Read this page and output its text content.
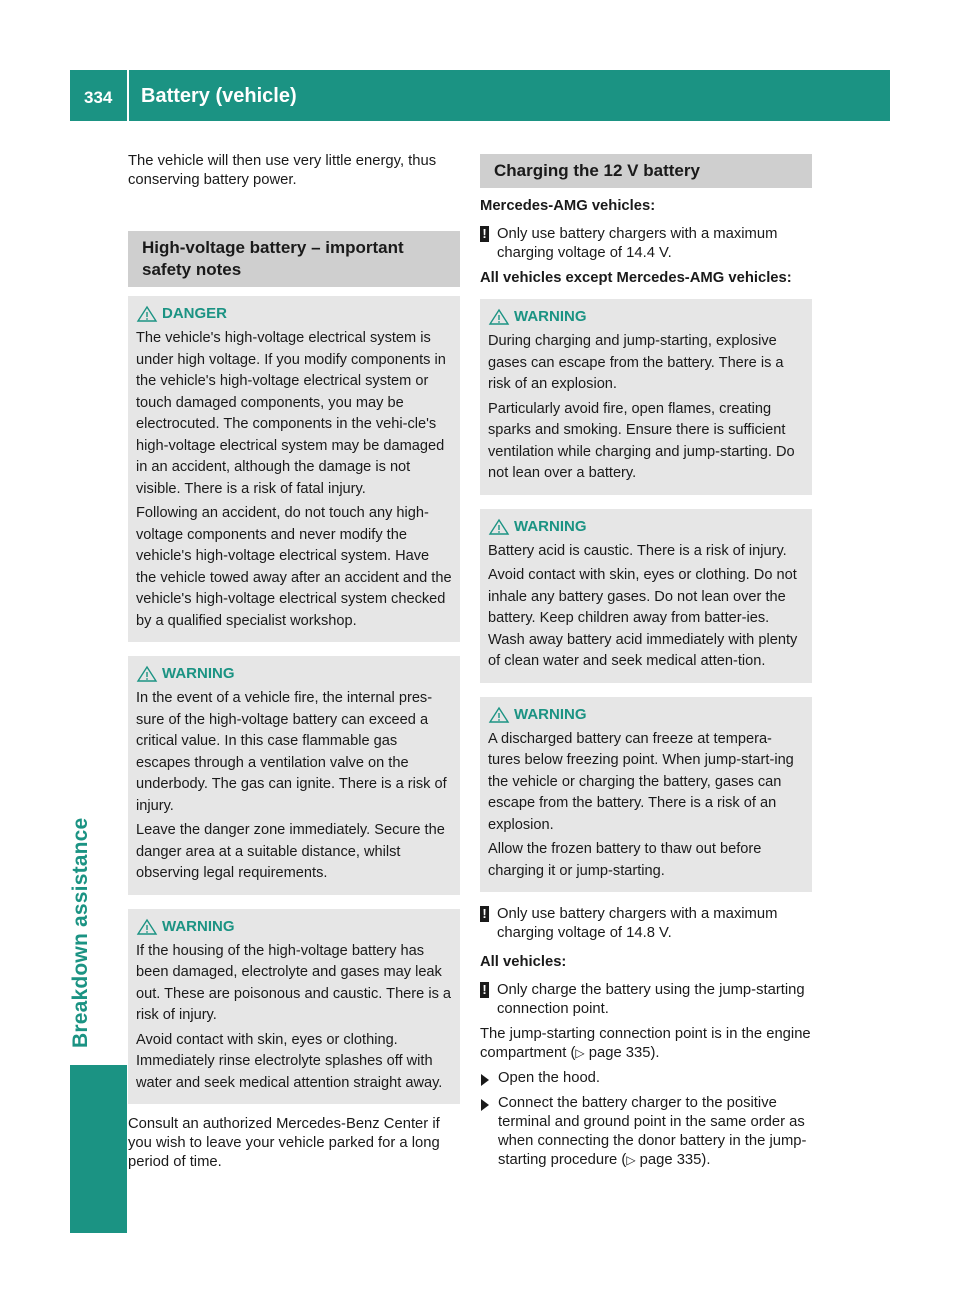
334 Battery (vehicle)
Breakdown assistance

The vehicle will then use very little energy, thus conserving battery power.

High-voltage battery – important safety notes
DANGER

The vehicle's high-voltage electrical system is under high voltage. If you modify components in the vehicle's high-voltage electrical system or touch damaged components, you may be electrocuted. The components in the vehi-cle's high-voltage electrical system may be damaged in an accident, although the damage is not visible. There is a risk of fatal injury.

Following an accident, do not touch any high-voltage components and never modify the vehicle's high-voltage electrical system. Have the vehicle towed away after an accident and the vehicle's high-voltage electrical system checked by a qualified specialist workshop.

WARNING

In the event of a vehicle fire, the internal pres-sure of the high-voltage battery can exceed a critical value. In this case flammable gas escapes through a ventilation valve on the underbody. The gas can ignite. There is a risk of injury.

Leave the danger zone immediately. Secure the danger area at a suitable distance, whilst observing legal requirements.

WARNING

If the housing of the high-voltage battery has been damaged, electrolyte and gases may leak out. These are poisonous and caustic. There is a risk of injury.

Avoid contact with skin, eyes or clothing. Immediately rinse electrolyte splashes off with water and seek medical attention straight away.

Consult an authorized Mercedes-Benz Center if you wish to leave your vehicle parked for a long period of time.

Charging the 12 V battery

Mercedes-AMG vehicles:

! Only use battery chargers with a maximum charging voltage of 14.4 V.

All vehicles except Mercedes-AMG vehicles:

WARNING

During charging and jump-starting, explosive gases can escape from the battery. There is a risk of an explosion.

Particularly avoid fire, open flames, creating sparks and smoking. Ensure there is sufficient ventilation while charging and jump-starting. Do not lean over a battery.

WARNING

Battery acid is caustic. There is a risk of injury.

Avoid contact with skin, eyes or clothing. Do not inhale any battery gases. Do not lean over the battery. Keep children away from batter-ies. Wash away battery acid immediately with plenty of clean water and seek medical atten-tion.

WARNING

A discharged battery can freeze at tempera-tures below freezing point. When jump-start-ing the vehicle or charging the battery, gases can escape from the battery. There is a risk of an explosion.

Allow the frozen battery to thaw out before charging it or jump-starting.

! Only use battery chargers with a maximum charging voltage of 14.8 V.

All vehicles:

! Only charge the battery using the jump-starting connection point.

The jump-starting connection point is in the engine compartment (▷ page 335).

Open the hood.
Connect the battery charger to the positive terminal and ground point in the same order as when connecting the donor battery in the jump-starting procedure (▷ page 335).
